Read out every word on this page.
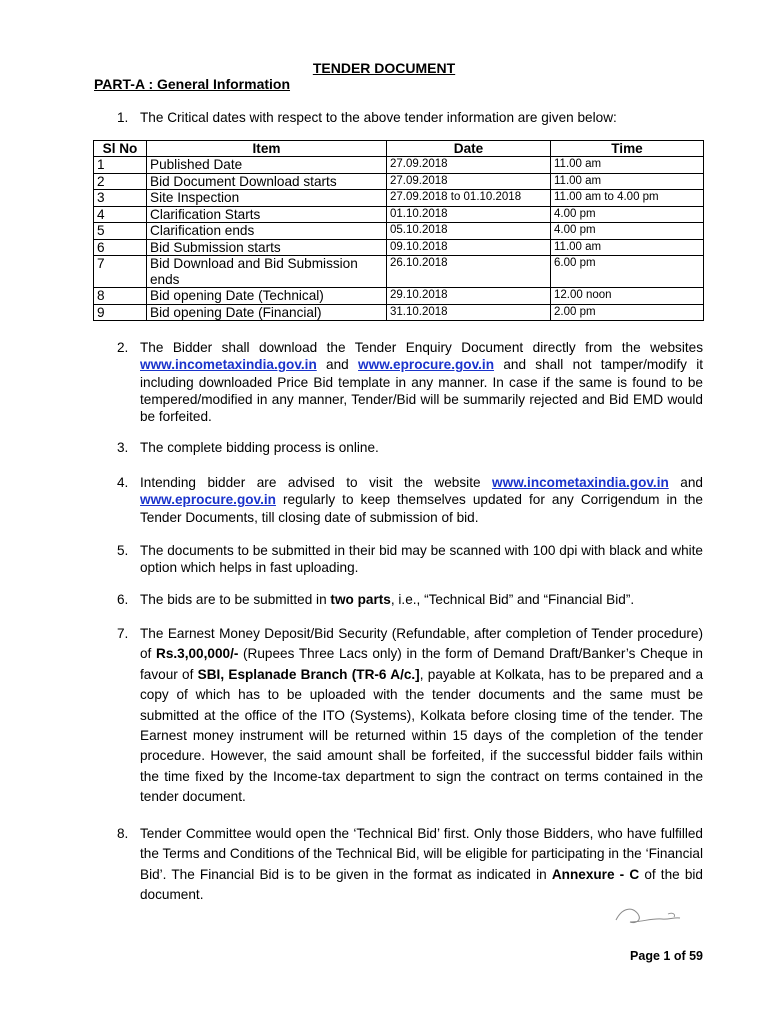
TENDER DOCUMENT
PART-A : General Information
1. The Critical dates with respect to the above tender information are given below:
Sl No	Item	Date	Time
1	Published Date	27.09.2018	11.00 am
2	Bid Document Download starts	27.09.2018	11.00 am
3	Site Inspection	27.09.2018 to 01.10.2018	11.00 am to 4.00 pm
4	Clarification Starts	01.10.2018	4.00 pm
5	Clarification ends	05.10.2018	4.00 pm
6	Bid Submission starts	09.10.2018	11.00 am
7	Bid Download and Bid Submission ends	26.10.2018	6.00 pm
8	Bid opening Date (Technical)	29.10.2018	12.00 noon
9	Bid opening Date (Financial)	31.10.2018	2.00 pm
2. The Bidder shall download the Tender Enquiry Document directly from the websites www.incometaxindia.gov.in and www.eprocure.gov.in and shall not tamper/modify it including downloaded Price Bid template in any manner. In case if the same is found to be tempered/modified in any manner, Tender/Bid will be summarily rejected and Bid EMD would be forfeited.
3. The complete bidding process is online.
4. Intending bidder are advised to visit the website www.incometaxindia.gov.in and www.eprocure.gov.in regularly to keep themselves updated for any Corrigendum in the Tender Documents, till closing date of submission of bid.
5. The documents to be submitted in their bid may be scanned with 100 dpi with black and white option which helps in fast uploading.
6. The bids are to be submitted in two parts, i.e., “Technical Bid” and “Financial Bid”.
7. The Earnest Money Deposit/Bid Security (Refundable, after completion of Tender procedure) of Rs.3,00,000/- (Rupees Three Lacs only) in the form of Demand Draft/Banker’s Cheque in favour of SBI, Esplanade Branch (TR-6 A/c.], payable at Kolkata, has to be prepared and a copy of which has to be uploaded with the tender documents and the same must be submitted at the office of the ITO (Systems), Kolkata before closing time of the tender. The Earnest money instrument will be returned within 15 days of the completion of the tender procedure. However, the said amount shall be forfeited, if the successful bidder fails within the time fixed by the Income-tax department to sign the contract on terms contained in the tender document.
8. Tender Committee would open the ‘Technical Bid’ first. Only those Bidders, who have fulfilled the Terms and Conditions of the Technical Bid, will be eligible for participating in the ‘Financial Bid’. The Financial Bid is to be given in the format as indicated in Annexure - C of the bid document.
Page 1 of 59
